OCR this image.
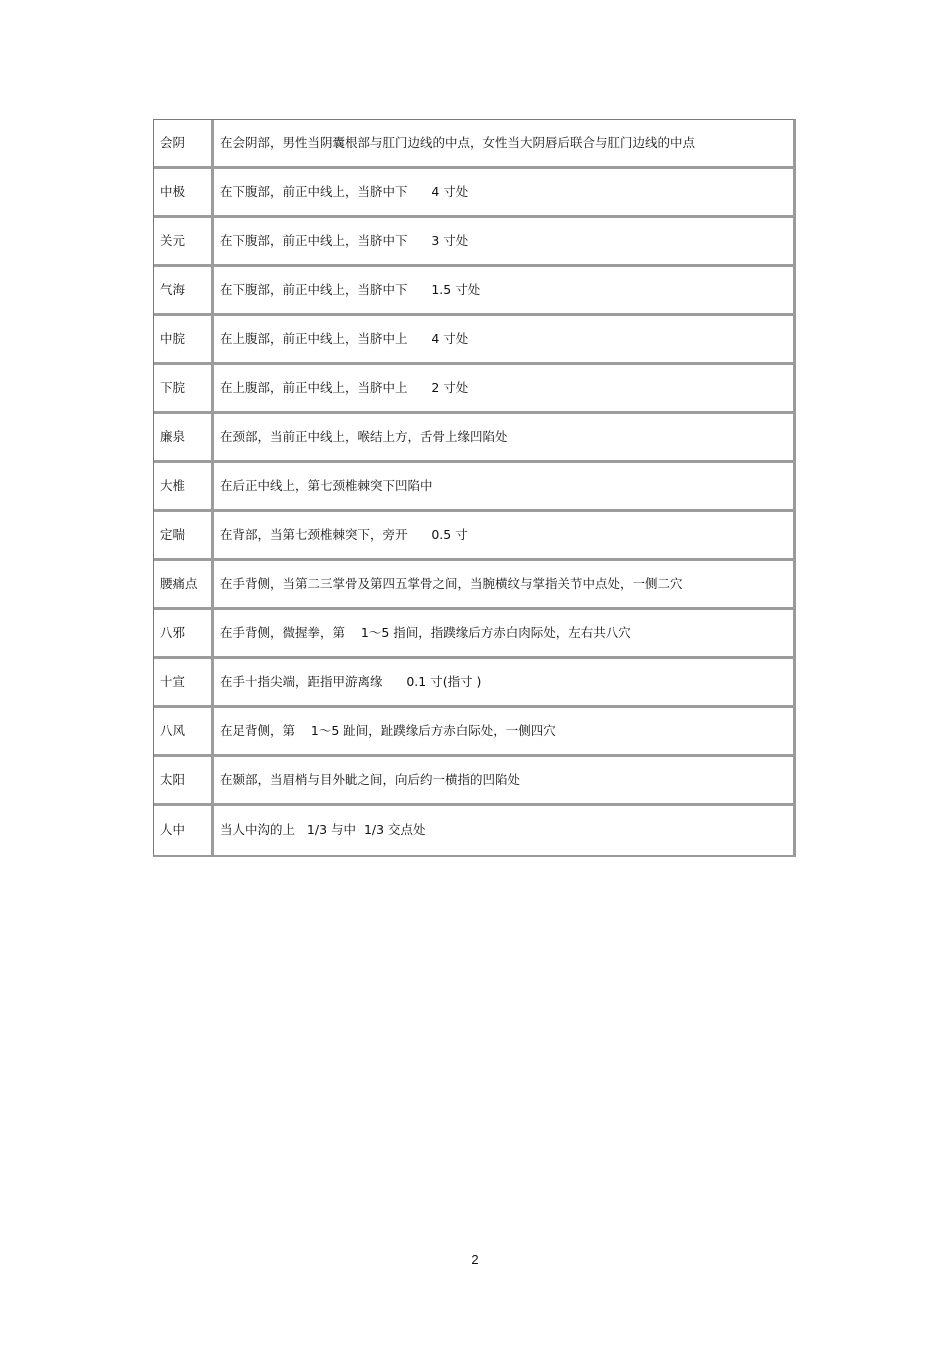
会阴	在会阴部，男性当阴囊根部与肛门边线的中点，女性当大阴唇后联合与肛门边线的中点
中极	在下腹部，前正中线上，当脐中下      4 寸处
关元	在下腹部，前正中线上，当脐中下      3 寸处
气海	在下腹部，前正中线上，当脐中下      1.5 寸处
中脘	在上腹部，前正中线上，当脐中上      4 寸处
下脘	在上腹部，前正中线上，当脐中上      2 寸处
廉泉	在颈部，当前正中线上，喉结上方，舌骨上缘凹陷处
大椎	在后正中线上，第七颈椎棘突下凹陷中
定喘	在背部，当第七颈椎棘突下，旁开      0.5 寸
腰痛点	在手背侧，当第二三掌骨及第四五掌骨之间，当腕横纹与掌指关节中点处，一侧二穴
八邪	在手背侧，微握拳，第    1～5 指间，指蹼缘后方赤白肉际处，左右共八穴
十宣	在手十指尖端，距指甲游离缘      0.1 寸(指寸 )
八风	在足背侧，第    1～5 趾间，趾蹼缘后方赤白际处，一侧四穴
太阳	在颞部，当眉梢与目外眦之间，向后约一横指的凹陷处
人中	当人中沟的上   1/3 与中  1/3 交点处
2
